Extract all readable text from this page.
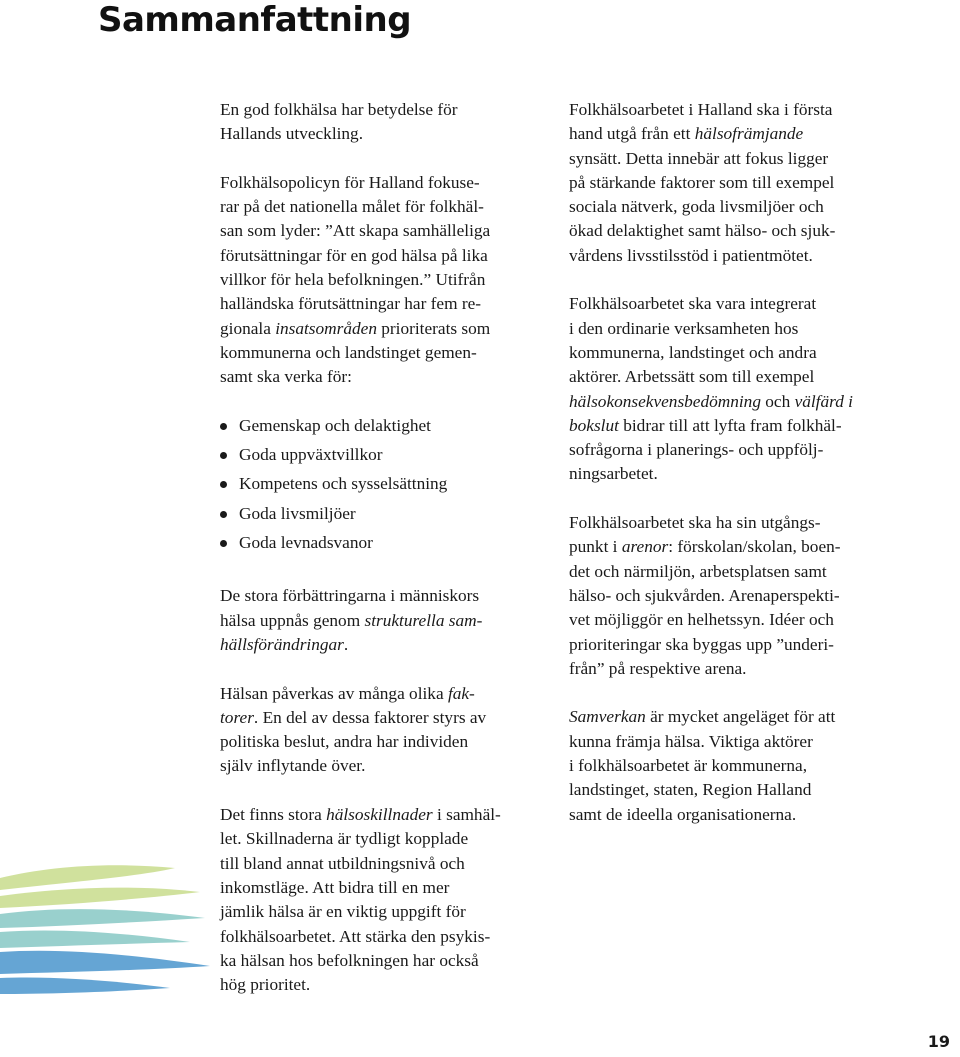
Sammanfattning

En god folkhälsa har betydelse för
Hallands utveckling.

Folkhälsopolicyn för Halland fokuse-
rar på det nationella målet för folkhäl-
san som lyder: ”Att skapa samhälleliga
förutsättningar för en god hälsa på lika
villkor för hela befolkningen.” Utifrån
halländska förutsättningar har fem re-
gionala insatsområden prioriterats som
kommunerna och landstinget gemen-
samt ska verka för:

Gemenskap och delaktighet
Goda uppväxtvillkor
Kompetens och sysselsättning
Goda livsmiljöer
Goda levnadsvanor

De stora förbättringarna i människors
hälsa uppnås genom strukturella sam-
hällsförändringar.

Hälsan påverkas av många olika fak-
torer. En del av dessa faktorer styrs av
politiska beslut, andra har individen
själv inflytande över.

Det finns stora hälsoskillnader i samhäl-
let. Skillnaderna är tydligt kopplade
till bland annat utbildningsnivå och
inkomstläge. Att bidra till en mer
jämlik hälsa är en viktig uppgift för
folkhälsoarbetet. Att stärka den psykis-
ka hälsan hos befolkningen har också
hög prioritet.

Folkhälsoarbetet i Halland ska i första
hand utgå från ett hälsofrämjande
synsätt. Detta innebär att fokus ligger
på stärkande faktorer som till exempel
sociala nätverk, goda livsmiljöer och
ökad delaktighet samt hälso- och sjuk-
vårdens livsstilsstöd i patientmötet.

Folkhälsoarbetet ska vara integrerat
i den ordinarie verksamheten hos
kommunerna, landstinget och andra
aktörer. Arbetssätt som till exempel
hälsokonsekvensbedömning och välfärd i
bokslut bidrar till att lyfta fram folkhäl-
sofrågorna i planerings- och uppfölj-
ningsarbetet.

Folkhälsoarbetet ska ha sin utgångs-
punkt i arenor: förskolan/skolan, boen-
det och närmiljön, arbetsplatsen samt
hälso- och sjukvården. Arenaperspekti-
vet möjliggör en helhetssyn. Idéer och
prioriteringar ska byggas upp ”underi-
från” på respektive arena.

Samverkan är mycket angeläget för att
kunna främja hälsa. Viktiga aktörer
i folkhälsoarbetet är kommunerna,
landstinget, staten, Region Halland
samt de ideella organisationerna.

19
